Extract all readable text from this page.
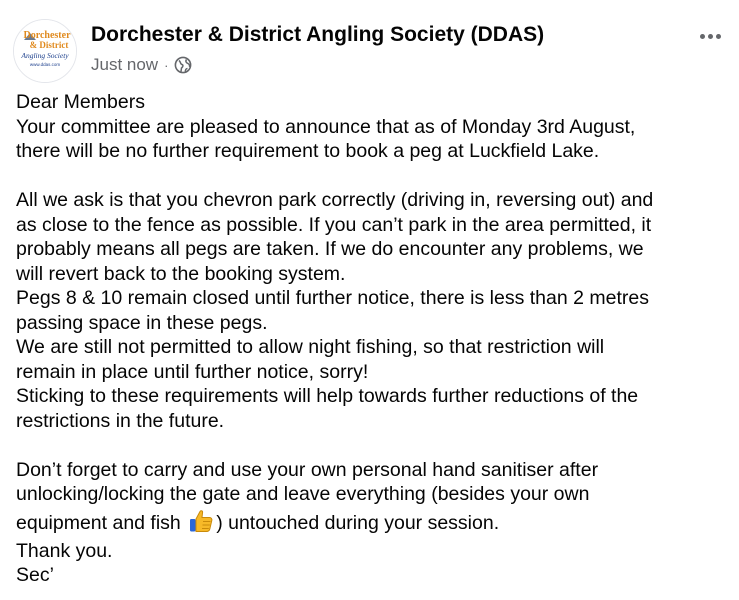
Dorchester
& District
Angling Society
www.ddas.com
Dorchester & District Angling Society (DDAS)
Just now ·

Dear Members

Your committee are pleased to announce that as of Monday 3rd August,

there will be no further requirement to book a peg at Luckfield Lake.

All we ask is that you chevron park correctly (driving in, reversing out) and

as close to the fence as possible. If you can’t park in the area permitted, it

probably means all pegs are taken. If we do encounter any problems, we

will revert back to the booking system.

Pegs 8 & 10 remain closed until further notice, there is less than 2 metres

passing space in these pegs.

We are still not permitted to allow night fishing, so that restriction will

remain in place until further notice, sorry!

Sticking to these requirements will help towards further reductions of the

restrictions in the future.

Don’t forget to carry and use your own personal hand sanitiser after

unlocking/locking the gate and leave everything (besides your own

equipment and fish ) untouched during your session.

Thank you.

Sec’
